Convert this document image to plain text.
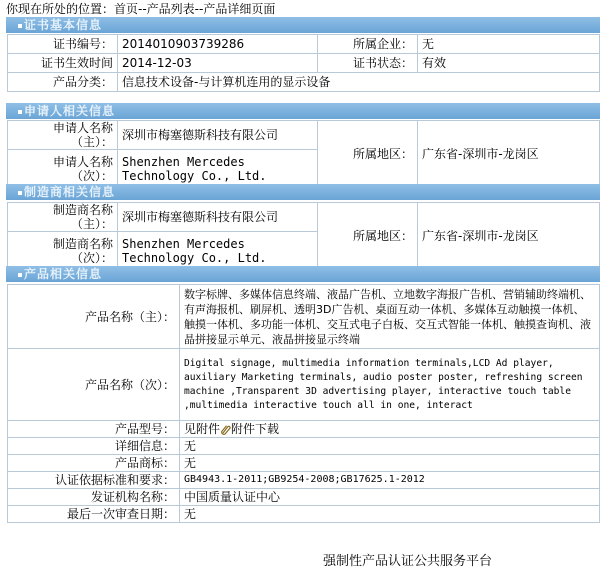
你现在所处的位置：首页--产品列表--产品详细页面
证书基本信息
证书编号：	2014010903739286	所属企业：	无
证书生效时间	2014-12-03	证书状态：	有效
产品分类：	信息技术设备-与计算机连用的显示设备		
申请人相关信息
申请人名称（主）：	深圳市梅塞德斯科技有限公司	所属地区：	广东省-深圳市-龙岗区
申请人名称（次）：	Shenzhen Mercedes Technology Co., Ltd.		
制造商相关信息
制造商名称（主）：	深圳市梅塞德斯科技有限公司	所属地区：	广东省-深圳市-龙岗区
制造商名称（次）：	Shenzhen Mercedes Technology Co., Ltd.		
产品相关信息
产品名称（主）：	数字标牌、多媒体信息终端、液晶广告机、立地数字海报广告机、营销辅助终端机、有声海报机、刷屏机、透明3D广告机、桌面互动一体机、多媒体互动触摸一体机、触摸一体机、多功能一体机、交互式电子白板、交互式智能一体机、触摸查询机、液晶拼接显示单元、液晶拼接显示终端
产品名称（次）：	Digital signage, multimedia information terminals,LCD Ad player, auxiliary Marketing terminals, audio poster poster, refreshing screen machine ,Transparent 3D advertising player, interactive touch table ,multimedia interactive touch all in one, interact
产品型号：	见附件 附件下载
详细信息：	无
产品商标：	无
认证依据标准和要求：	GB4943.1-2011;GB9254-2008;GB17625.1-2012
发证机构名称：	中国质量认证中心
最后一次审查日期：	无
强制性产品认证公共服务平台
